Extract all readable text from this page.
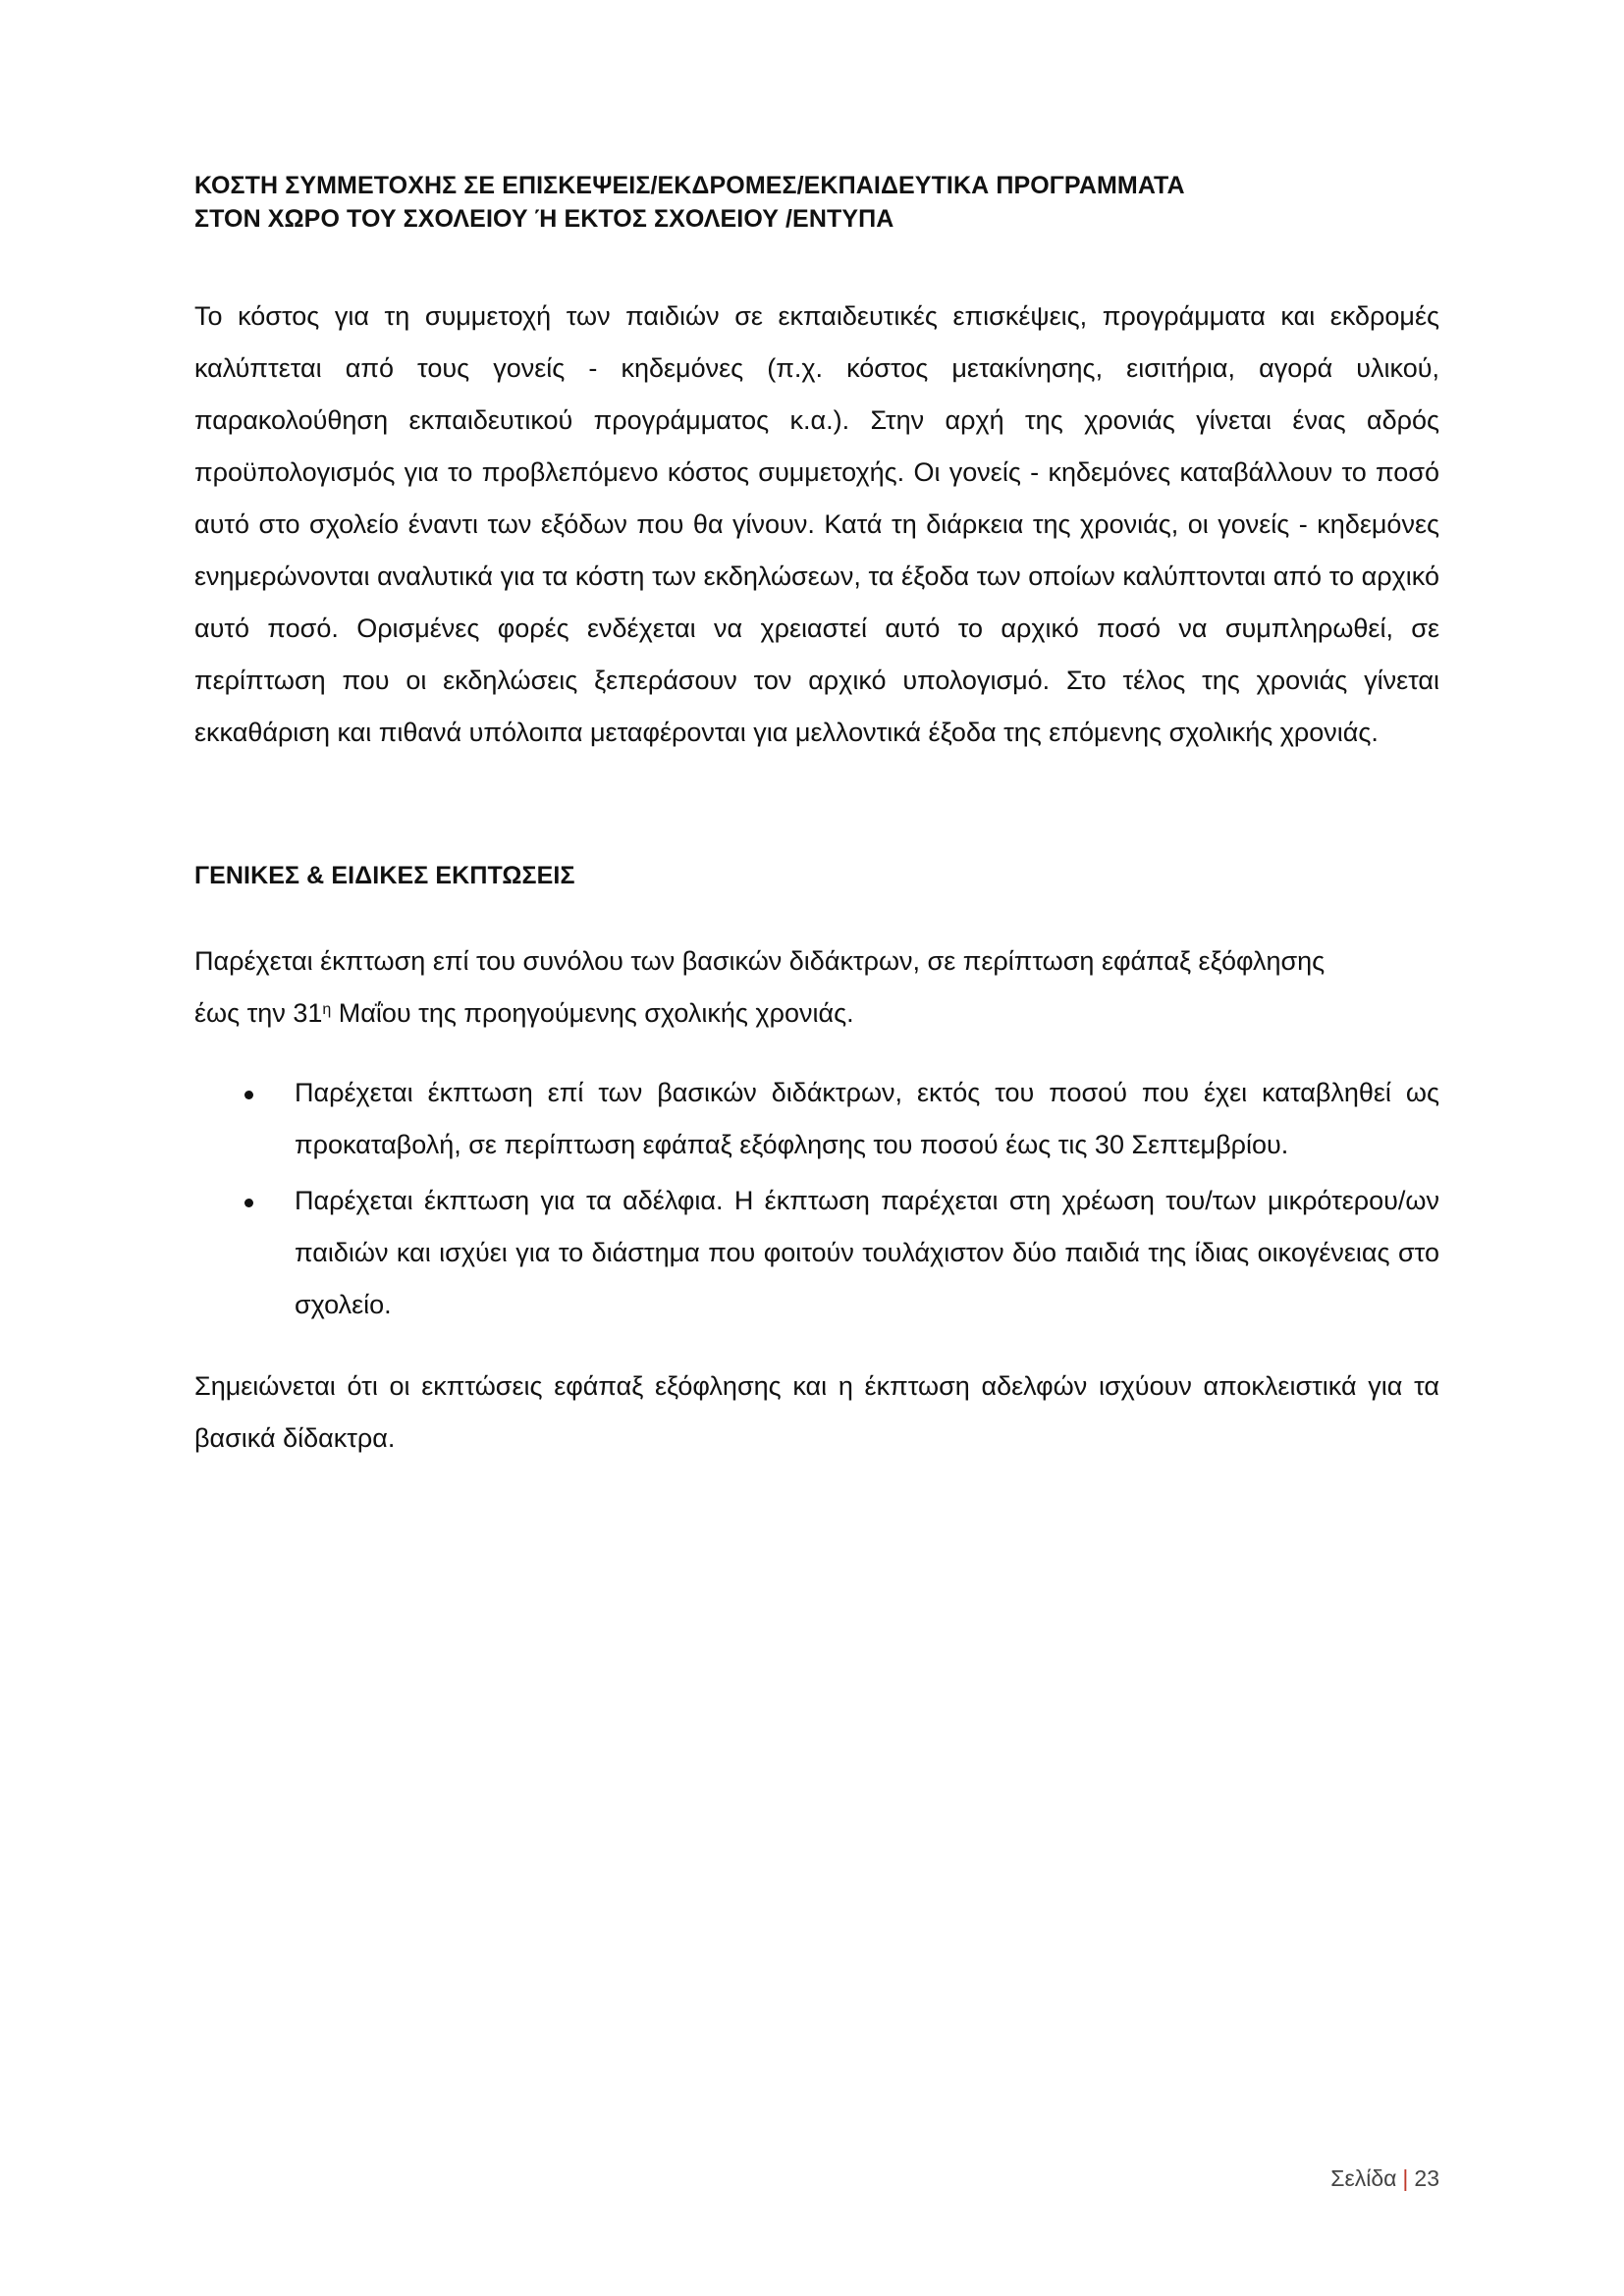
ΚΟΣΤΗ ΣΥΜΜΕΤΟΧΗΣ ΣΕ ΕΠΙΣΚΕΨΕΙΣ/ΕΚΔΡΟΜΕΣ/ΕΚΠΑΙΔΕΥΤΙΚΑ ΠΡΟΓΡΑΜΜΑΤΑ
ΣΤΟΝ ΧΩΡΟ ΤΟΥ ΣΧΟΛΕΙΟΥ Ή ΕΚΤΟΣ ΣΧΟΛΕΙΟΥ /ΕΝΤΥΠΑ

Το κόστος για τη συμμετοχή των παιδιών σε εκπαιδευτικές επισκέψεις, προγράμματα και εκδρομές καλύπτεται από τους γονείς - κηδεμόνες (π.χ. κόστος μετακίνησης, εισιτήρια, αγορά υλικού, παρακολούθηση εκπαιδευτικού προγράμματος κ.α.). Στην αρχή της χρονιάς γίνεται ένας αδρός προϋπολογισμός για το προβλεπόμενο κόστος συμμετοχής. Οι γονείς - κηδεμόνες καταβάλλουν το ποσό αυτό στο σχολείο έναντι των εξόδων που θα γίνουν. Κατά τη διάρκεια της χρονιάς, οι γονείς - κηδεμόνες ενημερώνονται αναλυτικά για τα κόστη των εκδηλώσεων, τα έξοδα των οποίων καλύπτονται από το αρχικό αυτό ποσό. Ορισμένες φορές ενδέχεται να χρειαστεί αυτό το αρχικό ποσό να συμπληρωθεί, σε περίπτωση που οι εκδηλώσεις ξεπεράσουν τον αρχικό υπολογισμό. Στο τέλος της χρονιάς γίνεται εκκαθάριση και πιθανά υπόλοιπα μεταφέρονται για μελλοντικά έξοδα της επόμενης σχολικής χρονιάς.

ΓΕΝΙΚΕΣ & ΕΙΔΙΚΕΣ ΕΚΠΤΩΣΕΙΣ

Παρέχεται έκπτωση επί του συνόλου των βασικών διδάκτρων, σε περίπτωση εφάπαξ εξόφλησης έως την $31^\eta$ Μαΐου της προηγούμενης σχολικής χρονιάς.

Παρέχεται έκπτωση επί των βασικών διδάκτρων, εκτός του ποσού που έχει καταβληθεί ως προκαταβολή, σε περίπτωση εφάπαξ εξόφλησης του ποσού έως τις 30 Σεπτεμβρίου.

Παρέχεται έκπτωση για τα αδέλφια. Η έκπτωση παρέχεται στη χρέωση του/των μικρότερου/ων παιδιών και ισχύει για το διάστημα που φοιτούν τουλάχιστον δύο παιδιά της ίδιας οικογένειας στο σχολείο.

Σημειώνεται ότι οι εκπτώσεις εφάπαξ εξόφλησης και η έκπτωση αδελφών ισχύουν αποκλειστικά για τα βασικά δίδακτρα.

Σελίδα | 23
